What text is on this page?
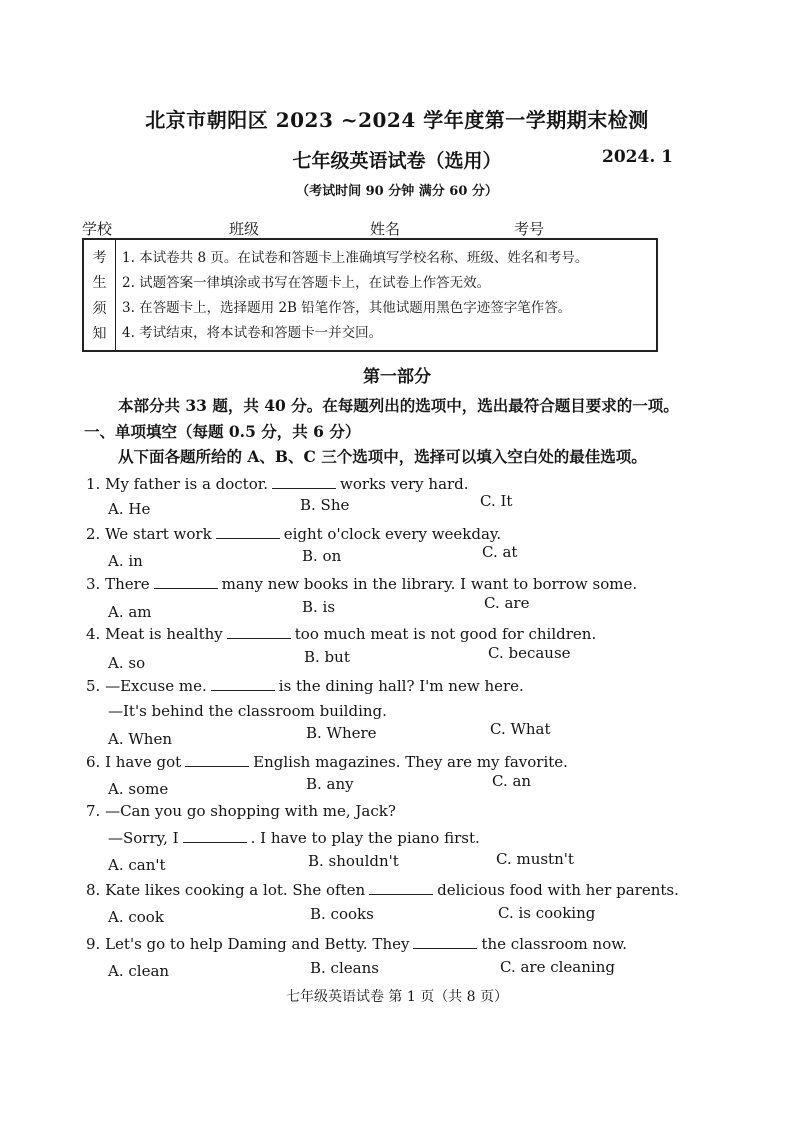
北京市朝阳区 2023 ~2024 学年度第一学期期末检测
七年级英语试卷（选用）	2024. 1
（考试时间 90 分钟 满分 60 分）
学校	班级	姓名	考号
考
生
须
知
1. 本试卷共 8 页。在试卷和答题卡上准确填写学校名称、班级、姓名和考号。
2. 试题答案一律填涂或书写在答题卡上，在试卷上作答无效。
3. 在答题卡上，选择题用 2B 铅笔作答，其他试题用黑色字迹签字笔作答。
4. 考试结束，将本试卷和答题卡一并交回。
第一部分
本部分共 33 题，共 40 分。在每题列出的选项中，选出最符合题目要求的一项。
一、单项填空（每题 0.5 分，共 6 分）
从下面各题所给的 A、B、C 三个选项中，选择可以填入空白处的最佳选项。
1. My father is a doctor.	works very hard.
A. He	B. She	C. It
2. We start work	eight o'clock every weekday.
A. in	B. on	C. at
3. There	many new books in the library. I want to borrow some.
A. am	B. is	C. are
4. Meat is healthy	too much meat is not good for children.
A. so	B. but	C. because
5. —Excuse me.	is the dining hall? I'm new here.
—It's behind the classroom building.
A. When	B. Where	C. What
6. I have got	English magazines. They are my favorite.
A. some	B. any	C. an
7. —Can you go shopping with me, Jack?
—Sorry, I	. I have to play the piano first.
A. can't	B. shouldn't	C. mustn't
8. Kate likes cooking a lot. She often	delicious food with her parents.
A. cook	B. cooks	C. is cooking
9. Let's go to help Daming and Betty. They	the classroom now.
A. clean	B. cleans	C. are cleaning
七年级英语试卷 第 1 页（共 8 页）
